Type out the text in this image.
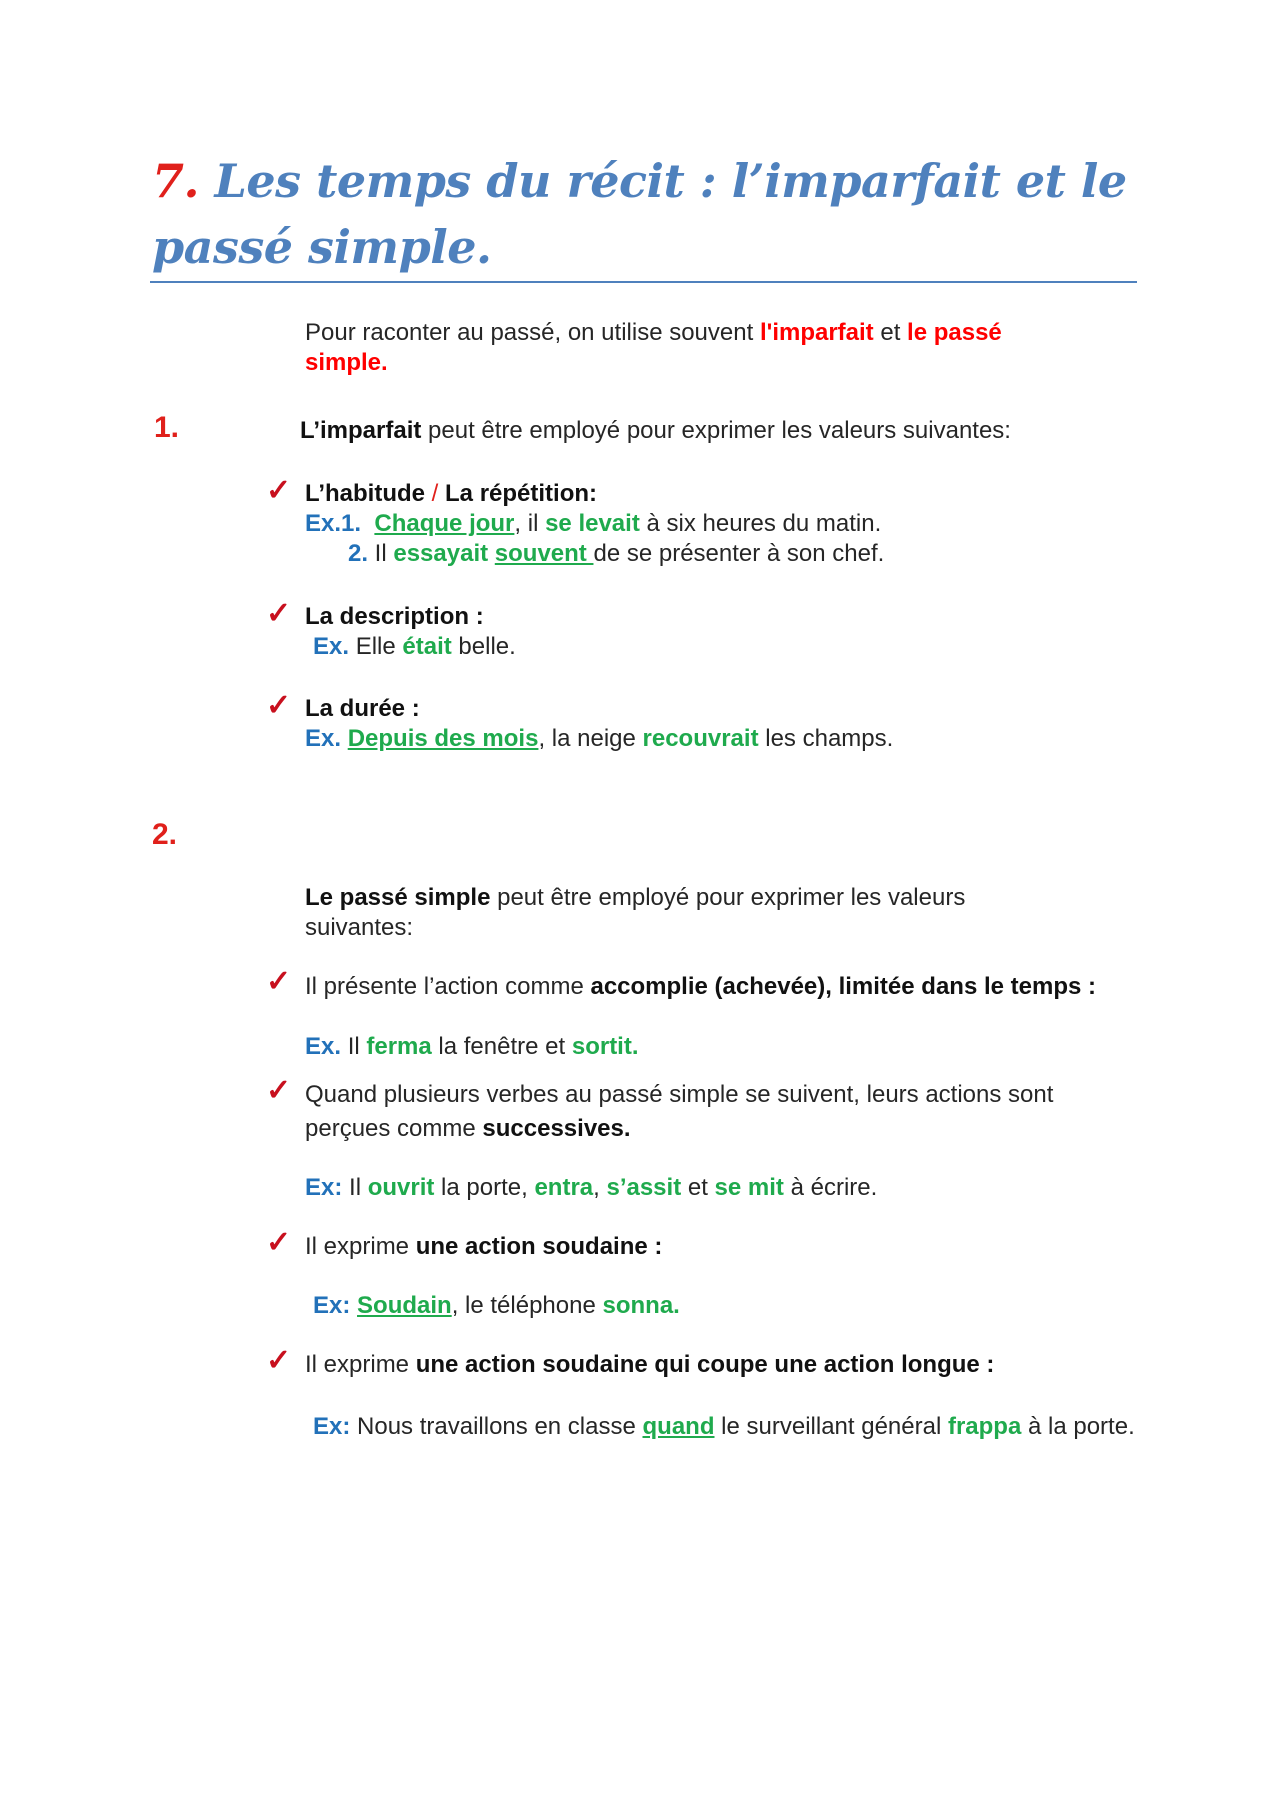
7. Les temps du récit : l’imparfait et le passé simple.
Pour raconter au passé, on utilise souvent l'imparfait et le passé simple.
1.	L’imparfait peut être employé pour exprimer les valeurs suivantes:
✓ L’habitude / La répétition:
Ex.1. Chaque jour, il se levait à six heures du matin.
2. Il essayait souvent de se présenter à son chef.
✓ La description :
Ex. Elle était belle.
✓ La durée :
Ex. Depuis des mois, la neige recouvrait les champs.
2.
Le passé simple peut être employé pour exprimer les valeurs suivantes:
✓ Il présente l’action comme accomplie (achevée), limitée dans le temps :
Ex. Il ferma la fenêtre et sortit.
✓ Quand plusieurs verbes au passé simple se suivent, leurs actions sont perçues comme successives.
Ex: Il ouvrit la porte, entra, s’assit et se mit à écrire.
✓ Il exprime une action soudaine :
Ex: Soudain, le téléphone sonna.
✓ Il exprime une action soudaine qui coupe une action longue :
Ex: Nous travaillons en classe quand le surveillant général frappa à la porte.
